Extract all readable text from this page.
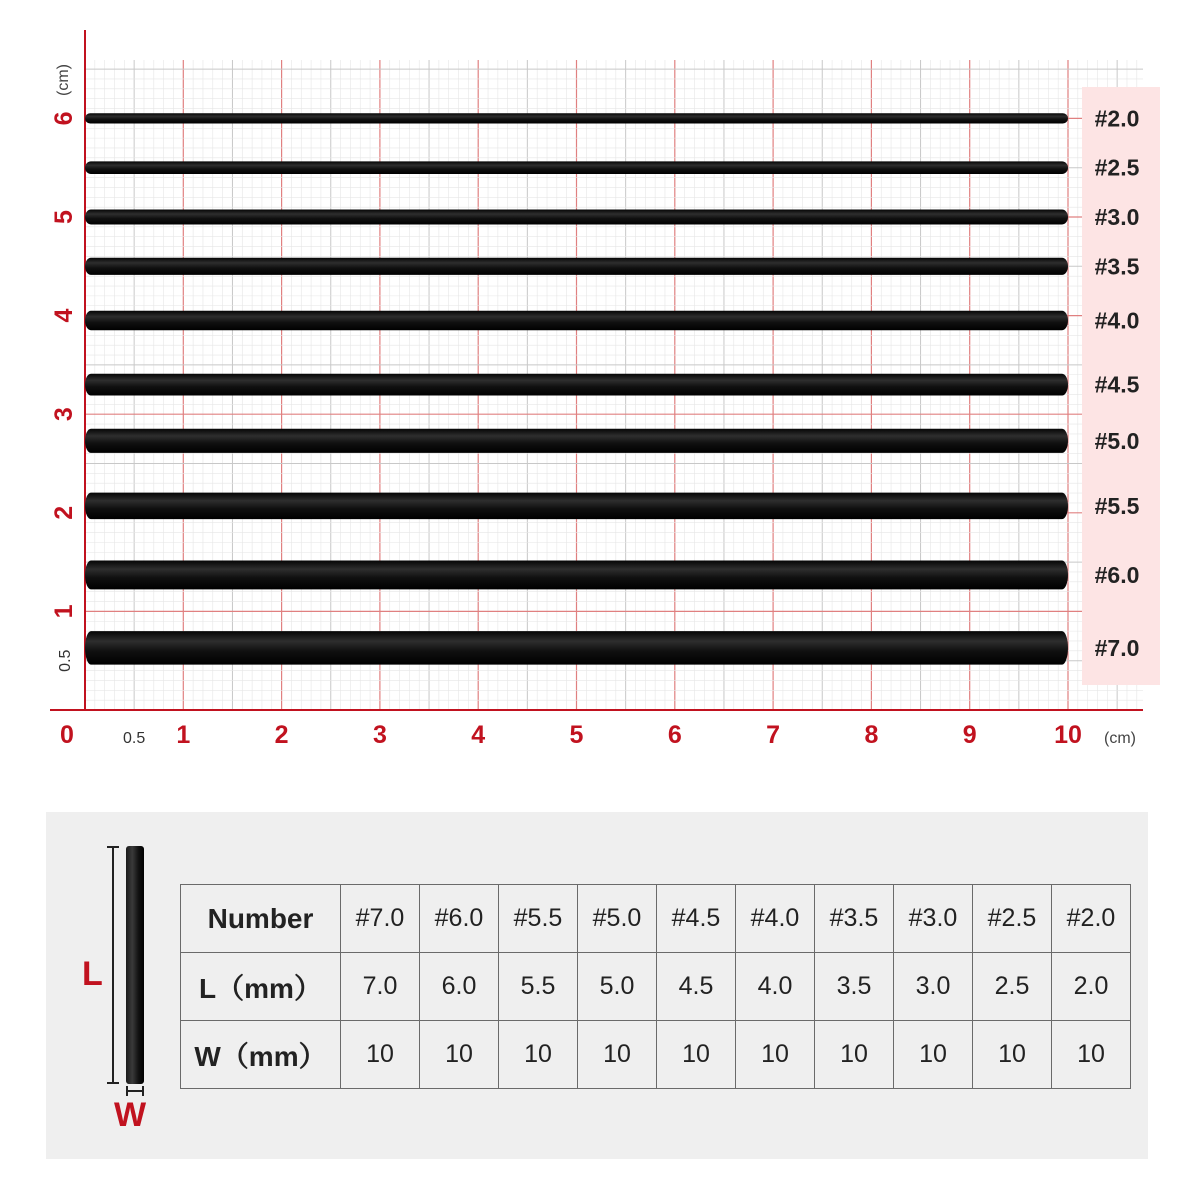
0	0.5 1	2	3	4	5	6	7	8	9	10 (cm)
0.5
1
2
3
4
5
6
(cm)
#2.0
#2.5
#3.0
#3.5
#4.0
#4.5
#5.0
#5.5
#6.0
#7.0
L
W
Number	#7.0	#6.0	#5.5	#5.0	#4.5	#4.0	#3.5	#3.0	#2.5	#2.0
L（mm）	7.0	6.0	5.5	5.0	4.5	4.0	3.5	3.0	2.5	2.0
W（mm）	10	10	10	10	10	10	10	10	10	10
